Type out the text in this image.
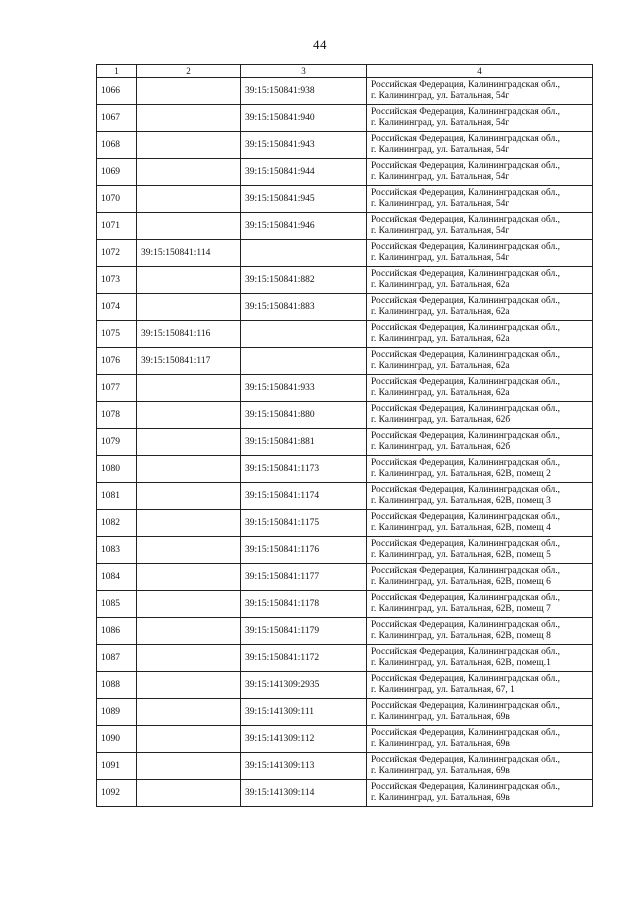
44
1	2	3	4
1066		39:15:150841:938	Российская Федерация, Калининградская обл.,
г. Калининград, ул. Батальная, 54г

1067		39:15:150841:940	Российская Федерация, Калининградская обл.,
г. Калининград, ул. Батальная, 54г

1068		39:15:150841:943	Российская Федерация, Калининградская обл.,
г. Калининград, ул. Батальная, 54г

1069		39:15:150841:944	Российская Федерация, Калининградская обл.,
г. Калининград, ул. Батальная, 54г

1070		39:15:150841:945	Российская Федерация, Калининградская обл.,
г. Калининград, ул. Батальная, 54г

1071		39:15:150841:946	Российская Федерация, Калининградская обл.,
г. Калининград, ул. Батальная, 54г

1072	39:15:150841:114		Российская Федерация, Калининградская обл.,
г. Калининград, ул. Батальная, 54г

1073		39:15:150841:882	Российская Федерация, Калининградская обл.,
г. Калининград, ул. Батальная, 62а

1074		39:15:150841:883	Российская Федерация, Калининградская обл.,
г. Калининград, ул. Батальная, 62а

1075	39:15:150841:116		Российская Федерация, Калининградская обл.,
г. Калининград, ул. Батальная, 62а

1076	39:15:150841:117		Российская Федерация, Калининградская обл.,
г. Калининград, ул. Батальная, 62а

1077		39:15:150841:933	Российская Федерация, Калининградская обл.,
г. Калининград, ул. Батальная, 62а

1078		39:15:150841:880	Российская Федерация, Калининградская обл.,
г. Калининград, ул. Батальная, 62б

1079		39:15:150841:881	Российская Федерация, Калининградская обл.,
г. Калининград, ул. Батальная, 62б

1080		39:15:150841:1173	Российская Федерация, Калининградская обл.,
г. Калининград, ул. Батальная, 62В, помещ 2

1081		39:15:150841:1174	Российская Федерация, Калининградская обл.,
г. Калининград, ул. Батальная, 62В, помещ 3

1082		39:15:150841:1175	Российская Федерация, Калининградская обл.,
г. Калининград, ул. Батальная, 62В, помещ 4

1083		39:15:150841:1176	Российская Федерация, Калининградская обл.,
г. Калининград, ул. Батальная, 62В, помещ 5

1084		39:15:150841:1177	Российская Федерация, Калининградская обл.,
г. Калининград, ул. Батальная, 62В, помещ 6

1085		39:15:150841:1178	Российская Федерация, Калининградская обл.,
г. Калининград, ул. Батальная, 62В, помещ 7

1086		39:15:150841:1179	Российская Федерация, Калининградская обл.,
г. Калининград, ул. Батальная, 62В, помещ 8

1087		39:15:150841:1172	Российская Федерация, Калининградская обл.,
г. Калининград, ул. Батальная, 62В, помещ.1

1088		39:15:141309:2935	Российская Федерация, Калининградская обл.,
г. Калининград, ул. Батальная, 67, 1

1089		39:15:141309:111	Российская Федерация, Калининградская обл.,
г. Калининград, ул. Батальная, 69в

1090		39:15:141309:112	Российская Федерация, Калининградская обл.,
г. Калининград, ул. Батальная, 69в

1091		39:15:141309:113	Российская Федерация, Калининградская обл.,
г. Калининград, ул. Батальная, 69в

1092		39:15:141309:114	Российская Федерация, Калининградская обл.,
г. Калининград, ул. Батальная, 69в
